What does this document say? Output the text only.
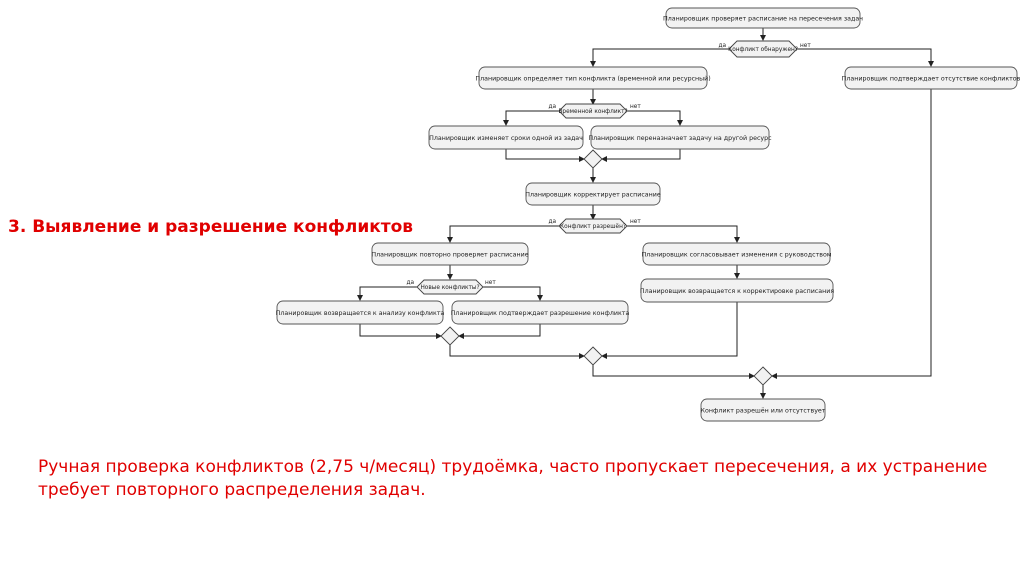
Планировщик проверяет расписание на пересечения задач
Планировщик определяет тип конфликта (временной или ресурсный)	Планировщик подтверждает отсутствие конфликтов
Планировщик изменяет сроки одной из задач Планировщик переназначает задачу на другой ресурс
Планировщик корректирует расписание
Планировщик повторно проверяет расписание	Планировщик согласовывает изменения с руководством
Планировщик возвращается к корректировке расписания
Планировщик возвращается к анализу конфликта Планировщик подтверждает разрешение конфликта
Конфликт разрешён или отсутствует
Конфликт обнаружен?
да	нет
Временной конфликт?
да	нет
Конфликт разрешён?
да	нет
Новые конфликты?
да	нет
3. Выявление и разрешение конфликтов

Ручная проверка конфликтов (2,75 ч/месяц) трудоёмка, часто пропускает пересечения, а их устранение требует повторного распределения задач.
